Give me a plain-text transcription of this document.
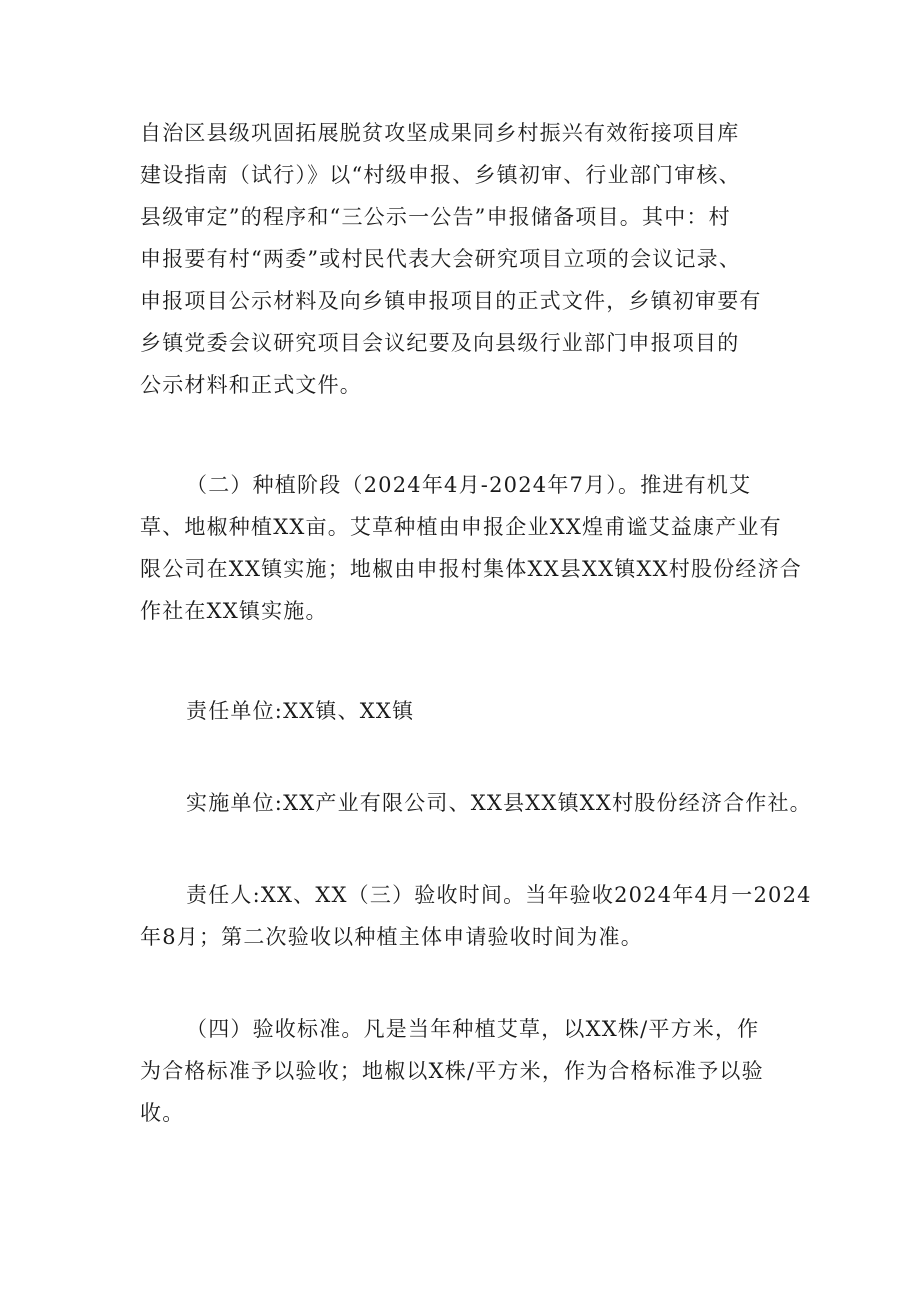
自治区县级巩固拓展脱贫攻坚成果同乡村振兴有效衔接项目库
建设指南（试行）》以“村级申报、乡镇初审、行业部门审核、
县级审定”的程序和“三公示一公告”申报储备项目。其中：村
申报要有村“两委”或村民代表大会研究项目立项的会议记录、
申报项目公示材料及向乡镇申报项目的正式文件，乡镇初审要有
乡镇党委会议研究项目会议纪要及向县级行业部门申报项目的
公示材料和正式文件。

（二）种植阶段（2024年4月-2024年7月）。推进有机艾
草、地椒种植XX亩。艾草种植由申报企业XX煌甫谧艾益康产业有
限公司在XX镇实施；地椒由申报村集体XX县XX镇XX村股份经济合
作社在XX镇实施。

责任单位:XX镇、XX镇

实施单位:XX产业有限公司、XX县XX镇XX村股份经济合作社。

责任人:XX、XX（三）验收时间。当年验收2024年4月一2024
年8月；第二次验收以种植主体申请验收时间为准。

（四）验收标准。凡是当年种植艾草，以XX株/平方米，作
为合格标准予以验收；地椒以X株/平方米，作为合格标准予以验
收。
